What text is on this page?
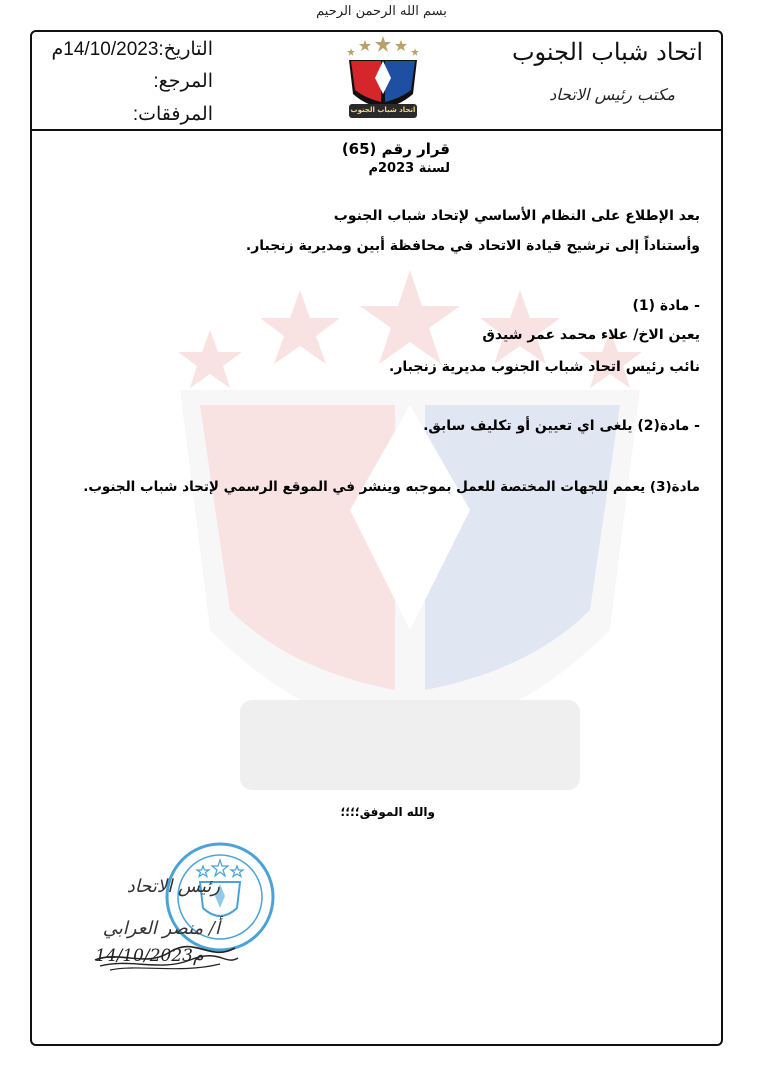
بسم الله الرحمن الرحيم
اتحاد شباب الجنوب
مكتب رئيس الاتحاد
التاريخ:14/10/2023م
المرجع:
المرفقات:	اتحاد شباب الجنوب
قرار رقم (65)
لسنة 2023م
بعد الإطلاع على النظام الأساسي لإتحاد شباب الجنوب
وأستناداً إلى ترشيح قيادة الاتحاد في محافظة أبين ومديرية زنجبار.
- مادة (1)
يعين الاخ/ علاء محمد عمر شيدق
نائب رئيس اتحاد شباب الجنوب مديرية زنجبار.
- مادة(2) يلغى اي تعيين أو تكليف سابق.
مادة(3) يعمم للجهات المختصة للعمل بموجبه وينشر في الموقع الرسمي لإتحاد شباب الجنوب.
والله الموفق؛؛؛؛
رئيس الاتحاد
أ/ منصر العرابي
14/10/2023م
